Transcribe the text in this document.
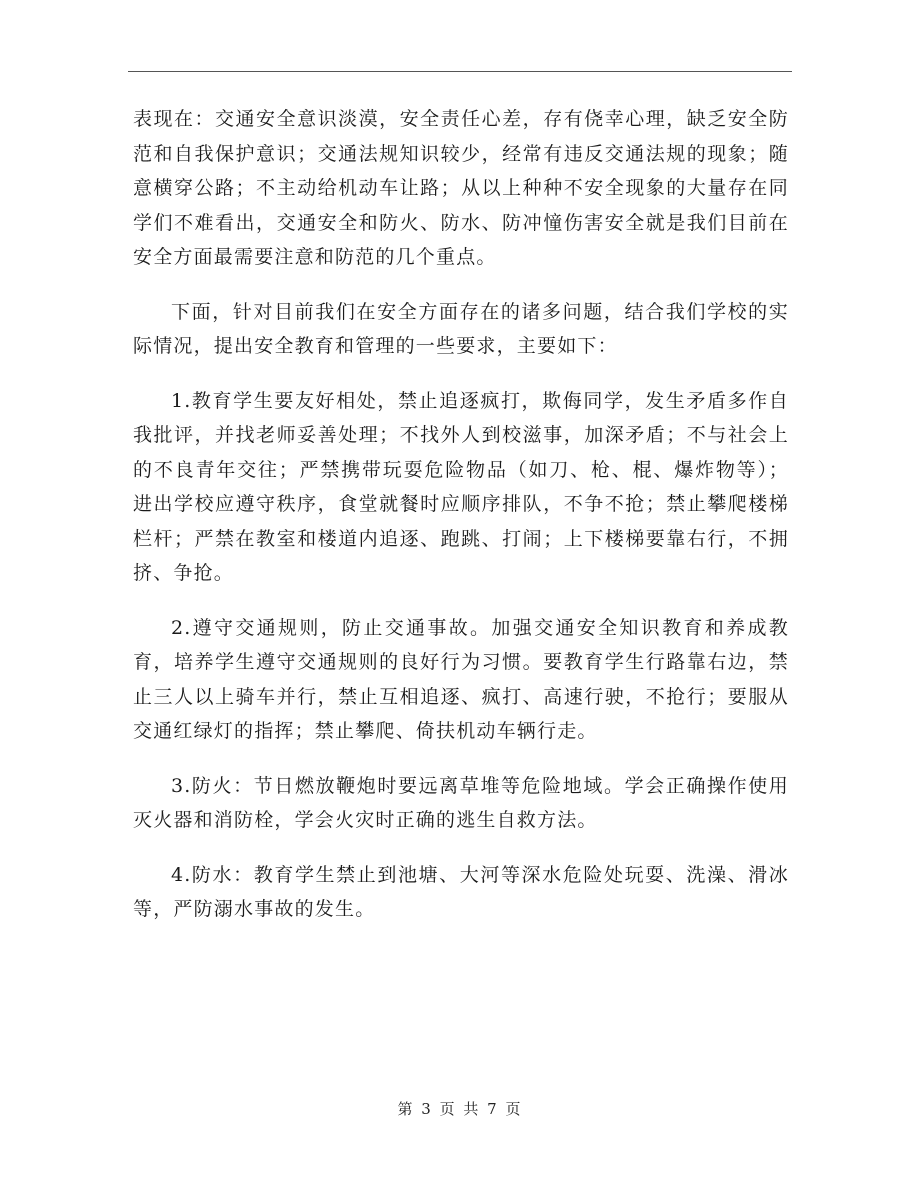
表现在：交通安全意识淡漠，安全责任心差，存有侥幸心理，缺乏安全防范和自我保护意识；交通法规知识较少，经常有违反交通法规的现象；随意横穿公路；不主动给机动车让路；从以上种种不安全现象的大量存在同学们不难看出，交通安全和防火、防水、防冲憧伤害安全就是我们目前在安全方面最需要注意和防范的几个重点。

下面，针对目前我们在安全方面存在的诸多问题，结合我们学校的实际情况，提出安全教育和管理的一些要求，主要如下：

1.教育学生要友好相处，禁止追逐疯打，欺侮同学，发生矛盾多作自我批评，并找老师妥善处理；不找外人到校滋事，加深矛盾；不与社会上的不良青年交往；严禁携带玩耍危险物品（如刀、枪、棍、爆炸物等）；进出学校应遵守秩序，食堂就餐时应顺序排队，不争不抢；禁止攀爬楼梯栏杆；严禁在教室和楼道内追逐、跑跳、打闹；上下楼梯要靠右行，不拥挤、争抢。

2.遵守交通规则，防止交通事故。加强交通安全知识教育和养成教育，培养学生遵守交通规则的良好行为习惯。要教育学生行路靠右边，禁止三人以上骑车并行，禁止互相追逐、疯打、高速行驶，不抢行；要服从交通红绿灯的指挥；禁止攀爬、倚扶机动车辆行走。

3.防火：节日燃放鞭炮时要远离草堆等危险地域。学会正确操作使用灭火器和消防栓，学会火灾时正确的逃生自救方法。

4.防水：教育学生禁止到池塘、大河等深水危险处玩耍、洗澡、滑冰等，严防溺水事故的发生。

第 3 页 共 7 页
